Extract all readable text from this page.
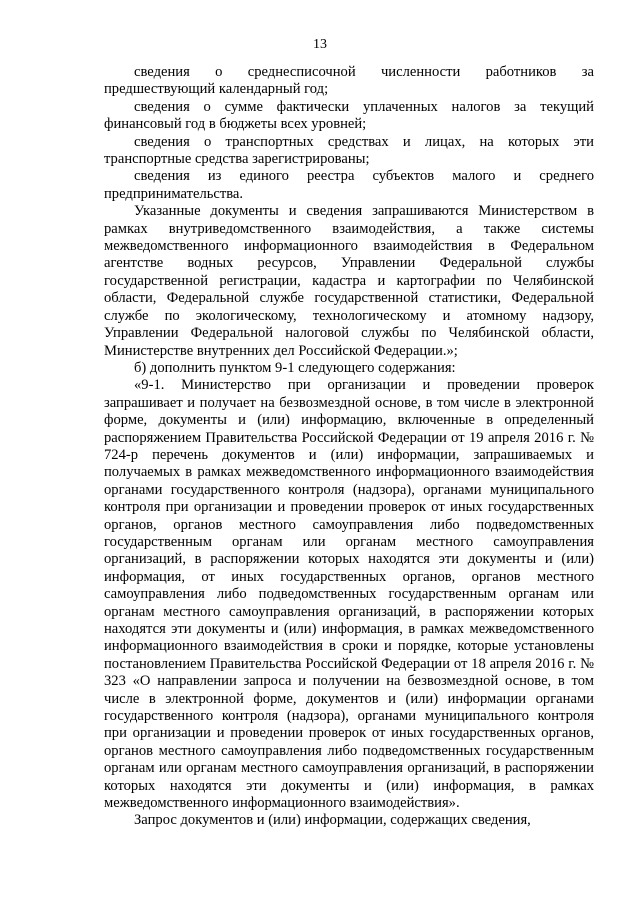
13

сведения о среднесписочной численности работников за предшествующий календарный год;

сведения о сумме фактически уплаченных налогов за текущий финансовый год в бюджеты всех уровней;

сведения о транспортных средствах и лицах, на которых эти транспортные средства зарегистрированы;

сведения из единого реестра субъектов малого и среднего предпринимательства.

Указанные документы и сведения запрашиваются Министерством в рамках внутриведомственного взаимодействия, а также системы межведомственного информационного взаимодействия в Федеральном агентстве водных ресурсов, Управлении Федеральной службы государственной регистрации, кадастра и картографии по Челябинской области, Федеральной службе государственной статистики, Федеральной службе по экологическому, технологическому и атомному надзору, Управлении Федеральной налоговой службы по Челябинской области, Министерстве внутренних дел Российской Федерации.»;

б) дополнить пунктом 9-1 следующего содержания:

«9-1. Министерство при организации и проведении проверок запрашивает и получает на безвозмездной основе, в том числе в электронной форме, документы и (или) информацию, включенные в определенный распоряжением Правительства Российской Федерации от 19 апреля 2016 г. № 724-р перечень документов и (или) информации, запрашиваемых и получаемых в рамках межведомственного информационного взаимодействия органами государственного контроля (надзора), органами муниципального контроля при организации и проведении проверок от иных государственных органов, органов местного самоуправления либо подведомственных государственным органам или органам местного самоуправления организаций, в распоряжении которых находятся эти документы и (или) информация, от иных государственных органов, органов местного самоуправления либо подведомственных государственным органам или органам местного самоуправления организаций, в распоряжении которых находятся эти документы и (или) информация, в рамках межведомственного информационного взаимодействия в сроки и порядке, которые установлены постановлением Правительства Российской Федерации от 18 апреля 2016 г. № 323 «О направлении запроса и получении на безвозмездной основе, в том числе в электронной форме, документов и (или) информации органами государственного контроля (надзора), органами муниципального контроля при организации и проведении проверок от иных государственных органов, органов местного самоуправления либо подведомственных государственным органам или органам местного самоуправления организаций, в распоряжении которых находятся эти документы и (или) информация, в рамках межведомственного информационного взаимодействия».

Запрос документов и (или) информации, содержащих сведения,
